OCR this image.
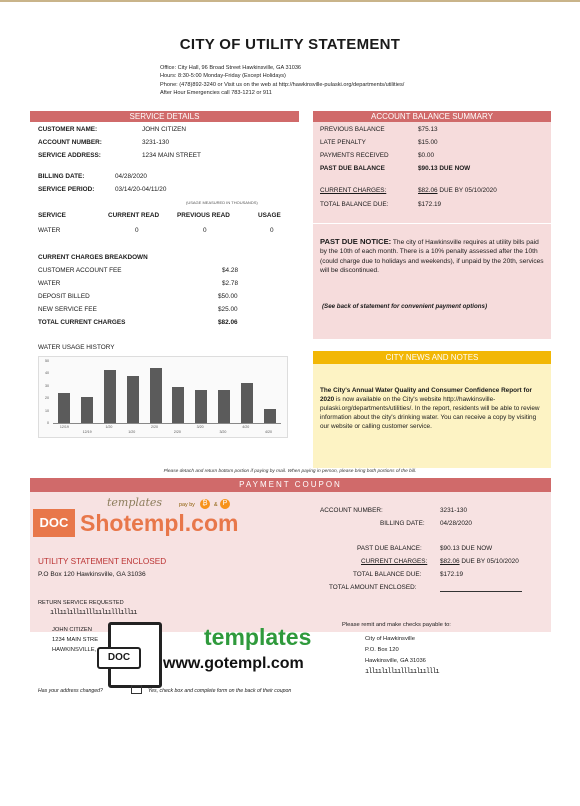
CITY OF UTILITY STATEMENT
Office: City Hall, 96 Broad Street Hawkinsville, GA 31036
Hours: 8:30-5:00 Monday-Friday (Except Holidays)
Phone: (478)892-3240 or Visit us on the web at http://hawkinsville-pulaski.org/departments/utilities/
After Hour Emergencies call 783-1212 or 911
SERVICE DETAILS
CUSTOMER NAME:	JOHN CITIZEN
ACCOUNT NUMBER:	3231-130
SERVICE ADDRESS:	1234 MAIN STREET
BILLING DATE:	04/28/2020
SERVICE PERIOD:	03/14/20-04/11/20
(USAGE MEASURED IN THOUSANDS)
SERVICE	CURRENT READ	PREVIOUS READ	USAGE
WATER	0	0	0
CURRENT CHARGES BREAKDOWN
CUSTOMER ACCOUNT FEE	$4.28
WATER	$2.78
DEPOSIT BILLED	$50.00
NEW SERVICE FEE	$25.00
TOTAL CURRENT CHARGES	$82.06
WATER USAGE HISTORY
50
40
30
20
10
0
12/19	1/20	2/20	3/20	4/20
12/19	1/20	2/20	3/20	4/20
ACCOUNT BALANCE SUMMARY
PREVIOUS BALANCE	$75.13
LATE PENALTY	$15.00
PAYMENTS RECEIVED	$0.00
PAST DUE BALANCE	$90.13 DUE NOW
CURRENT CHARGES:	$82.06 DUE BY 05/10/2020
TOTAL BALANCE DUE:	$172.19
PAST DUE NOTICE: The city of Hawkinsville requires at utility bills paid by the 10th of each month. There is a 10% penalty assessed after the 10th (could charge due to holidays and weekends), if unpaid by the 20th, services will be discontinued.
(See back of statement for convenient payment options)
CITY NEWS AND NOTES
The City's Annual Water Quality and Consumer Confidence Report for 2020 is now available on the City's website http://hawkinsville-pulaski.org/departments/utilities/. In the report, residents will be able to review information about the city's drinking water. You can receive a copy by visiting our website or calling customer service.
Please detach and return bottom portion if paying by mail. When paying in person, please bring both portions of the bill.
PAYMENT COUPON
templates	pay by	₿	& P
DOC Shotempl.com
UTILITY STATEMENT ENCLOSED
P.O Box 120 Hawkinsville, GA 31036
ACCOUNT NUMBER:	3231-130
BILLING DATE: 04/28/2020
PAST DUE BALANCE:	$90.13 DUE NOW
CURRENT CHARGES: $82.06 DUE BY 05/10/2020
TOTAL BALANCE DUE:	$172.19
TOTAL AMOUNT ENCLOSED:
RETURN SERVICE REQUESTED
ıllıılıllıılllıılıılllıllıı
JOHN CITIZEN
1234 MAIN STRE
HAWKINSVILLE,
DOC
templates
www.gotempl.com
Please remit and make checks payable to:
City of Hawkinsville
P.O. Box 120
Hawkinsville, GA 31036
ıllıılıllıılllıılıılllı
Has your address changed?	Yes, check box and complete form on the back of their coupon
